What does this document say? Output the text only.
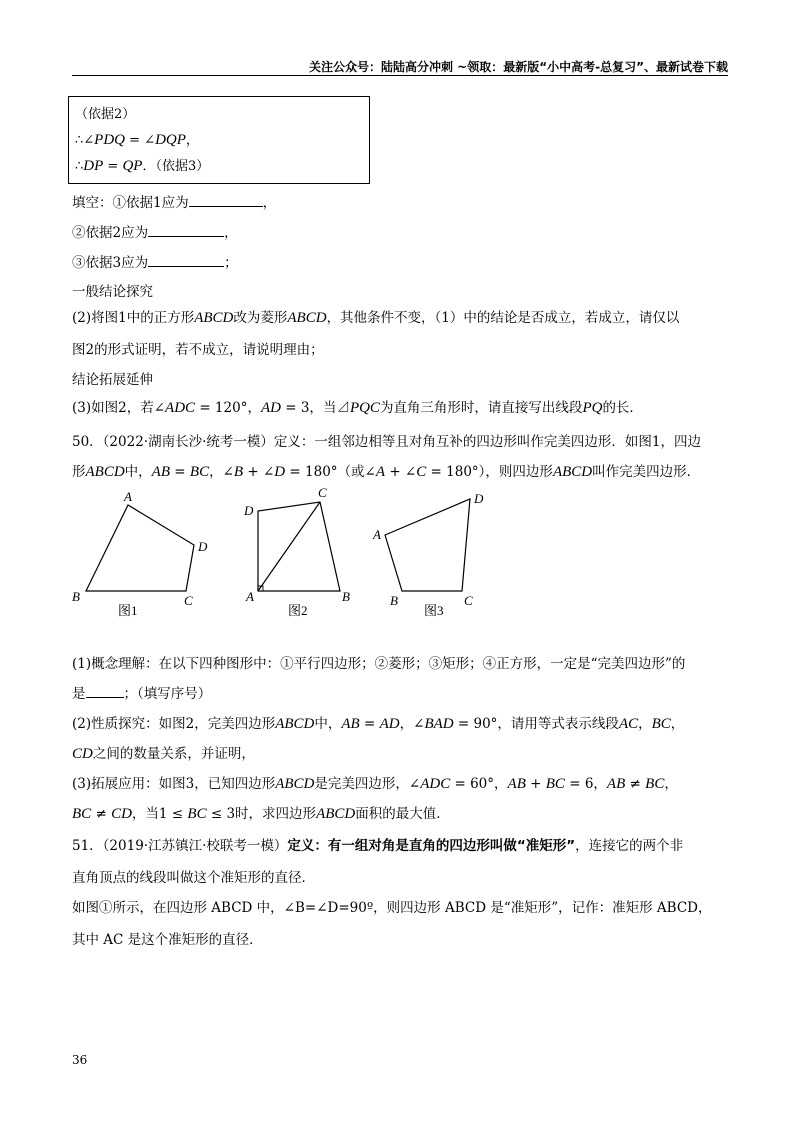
关注公众号：陆陆高分冲刺 ~领取：最新版“小中高考-总复习”、最新试卷下载
（依据2）
∴∠PDQ = ∠DQP，
∴DP = QP．（依据3）
填空：①依据1应为	，
②依据2应为	，
③依据3应为	；
一般结论探究
(2)将图1中的正方形ABCD改为菱形ABCD，其他条件不变，（1）中的结论是否成立，若成立，请仅以
图2的形式证明，若不成立，请说明理由；
结论拓展延伸
(3)如图2，若∠ADC = 120°，AD = 3，当⊿PQC为直角三角形时，请直接写出线段PQ的长．
50．（2022·湖南长沙·统考一模）定义：一组邻边相等且对角互补的四边形叫作完美四边形．如图1，四边
形ABCD中，AB = BC，∠B + ∠D = 180°（或∠A + ∠C = 180°），则四边形ABCD叫作完美四边形．
A
B	C
D
图1
A	B
C
D
图2
A
B	C
D
图3
(1)概念理解：在以下四种图形中：①平行四边形；②菱形；③矩形；④正方形，一定是“完美四边形”的
是	；（填写序号）
(2)性质探究：如图2，完美四边形ABCD中，AB = AD，∠BAD = 90°，请用等式表示线段AC，BC，
CD之间的数量关系，并证明，
(3)拓展应用：如图3，已知四边形ABCD是完美四边形，∠ADC = 60°，AB + BC = 6，AB ≠ BC，
BC ≠ CD，当1 ≤ BC ≤ 3时，求四边形ABCD面积的最大值．
51．（2019·江苏镇江·校联考一模）定义：有一组对角是直角的四边形叫做“准矩形”，连接它的两个非
直角顶点的线段叫做这个准矩形的直径．
如图①所示，在四边形 ABCD 中，∠B=∠D=90º，则四边形 ABCD 是“准矩形”，记作：准矩形 ABCD，
其中 AC 是这个准矩形的直径．
36
